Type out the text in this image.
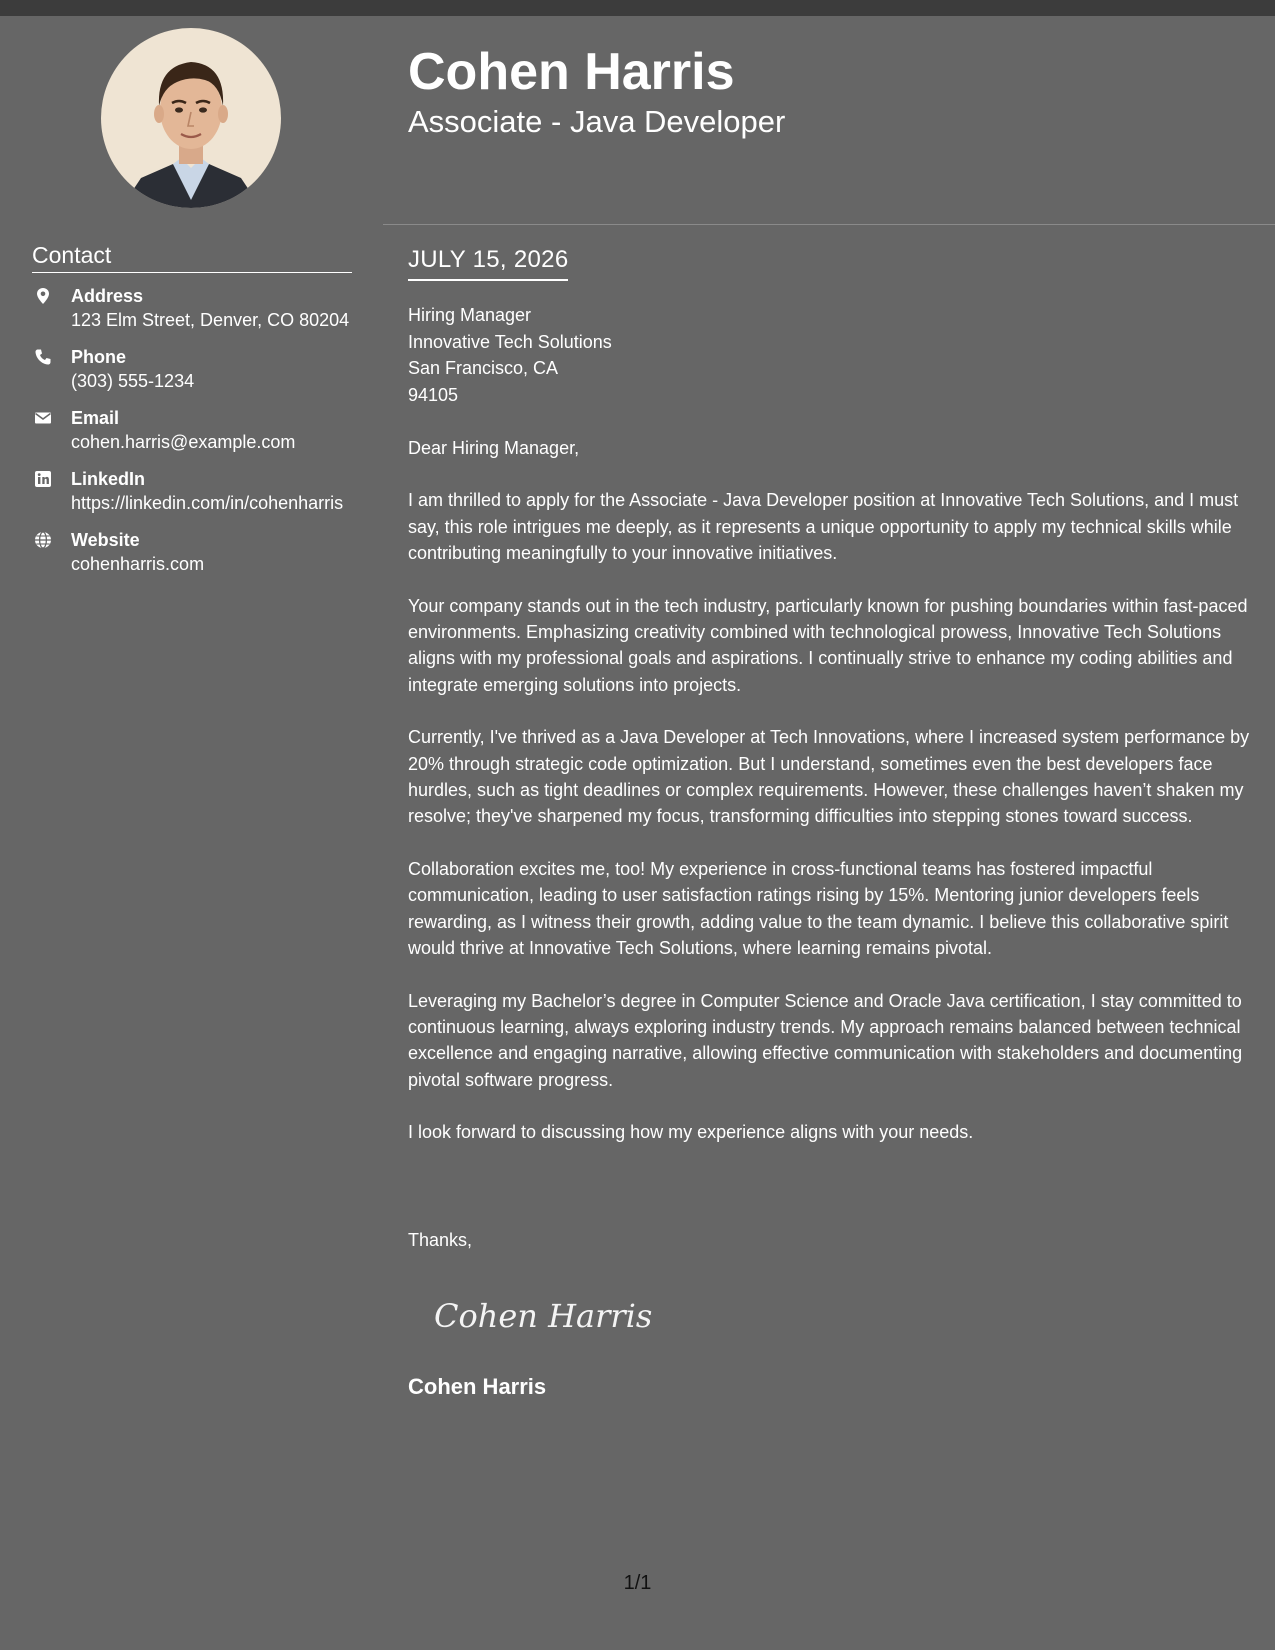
Cohen Harris
Associate - Java Developer
Contact
Address
123 Elm Street, Denver, CO 80204
Phone
(303) 555-1234
Email
cohen.harris@example.com
LinkedIn
https://linkedin.com/in/cohenharris
Website
cohenharris.com
JULY 15, 2026
Hiring Manager
Innovative Tech Solutions
San Francisco, CA
94105

Dear Hiring Manager,

I am thrilled to apply for the Associate - Java Developer position at Innovative Tech Solutions, and I must say, this role intrigues me deeply, as it represents a unique opportunity to apply my technical skills while contributing meaningfully to your innovative initiatives.

Your company stands out in the tech industry, particularly known for pushing boundaries within fast-paced environments. Emphasizing creativity combined with technological prowess, Innovative Tech Solutions aligns with my professional goals and aspirations. I continually strive to enhance my coding abilities and integrate emerging solutions into projects.

Currently, I've thrived as a Java Developer at Tech Innovations, where I increased system performance by 20% through strategic code optimization. But I understand, sometimes even the best developers face hurdles, such as tight deadlines or complex requirements. However, these challenges haven’t shaken my resolve; they've sharpened my focus, transforming difficulties into stepping stones toward success.

Collaboration excites me, too! My experience in cross-functional teams has fostered impactful communication, leading to user satisfaction ratings rising by 15%. Mentoring junior developers feels rewarding, as I witness their growth, adding value to the team dynamic. I believe this collaborative spirit would thrive at Innovative Tech Solutions, where learning remains pivotal.

Leveraging my Bachelor’s degree in Computer Science and Oracle Java certification, I stay committed to continuous learning, always exploring industry trends. My approach remains balanced between technical excellence and engaging narrative, allowing effective communication with stakeholders and documenting pivotal software progress.

I look forward to discussing how my experience aligns with your needs.

Thanks,
Cohen Harris
Cohen Harris
1/1
